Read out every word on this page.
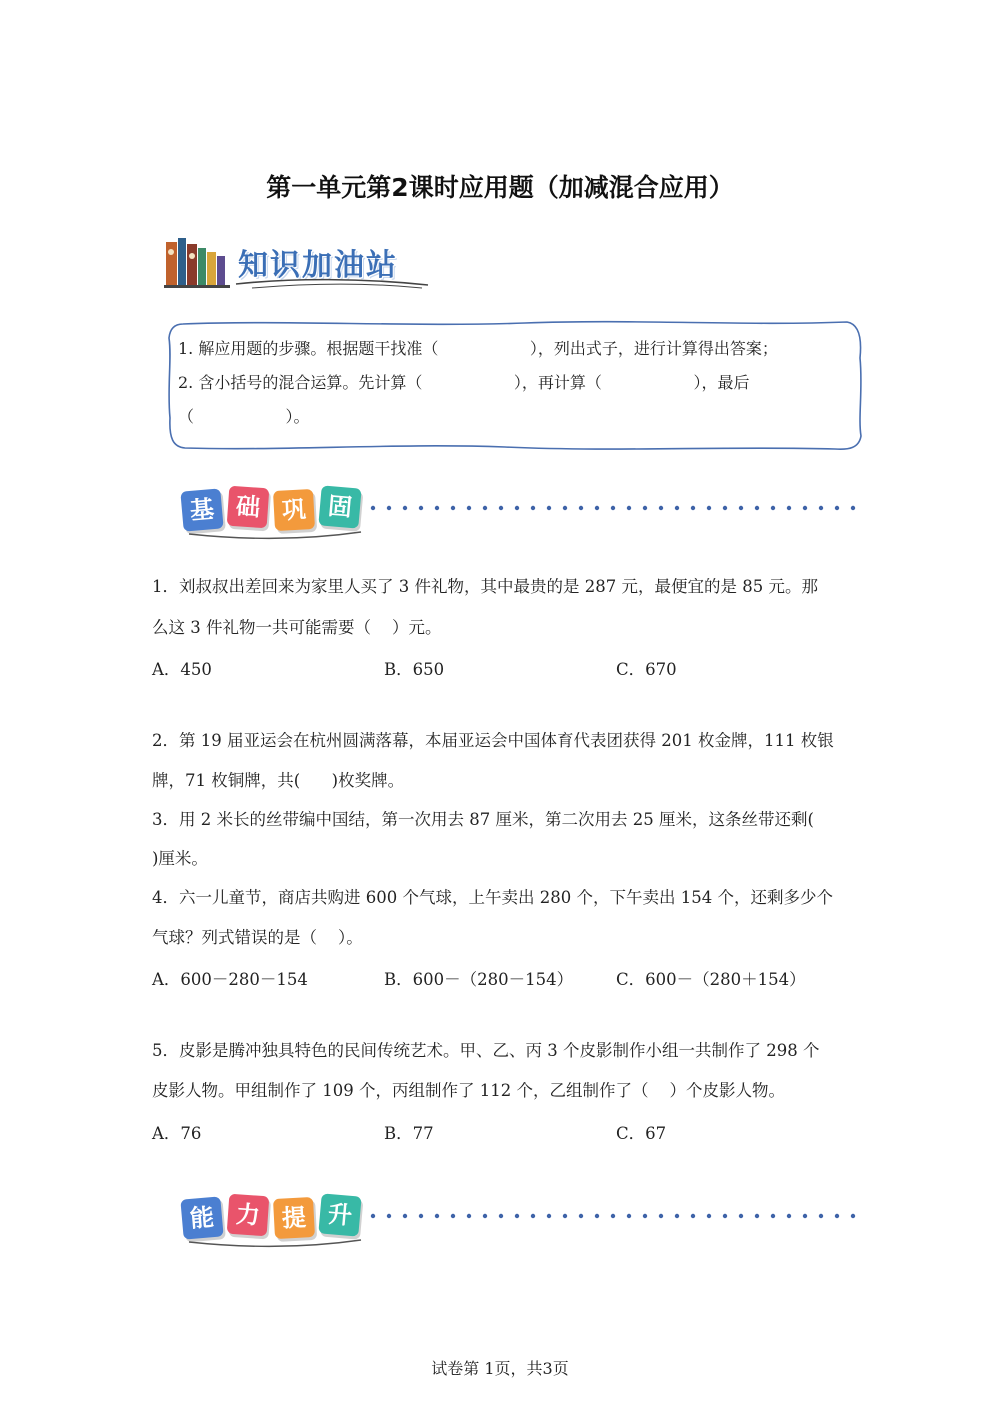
第一单元第2课时应用题（加减混合应用）
知识加油站
1. 解应用题的步骤。根据题干找准（                  ），列出式子，进行计算得出答案；
2. 含小括号的混合运算。先计算（                  ），再计算（                  ），最后
（                  ）。
基 础 巩 固
1．刘叔叔出差回来为家里人买了 3 件礼物，其中最贵的是 287 元，最便宜的是 85 元。那
么这 3 件礼物一共可能需要（    ）元。
A．450	B．650	C．670
2．第 19 届亚运会在杭州圆满落幕，本届亚运会中国体育代表团获得 201 枚金牌，111 枚银
牌，71 枚铜牌，共(      )枚奖牌。
3．用 2 米长的丝带编中国结，第一次用去 87 厘米，第二次用去 25 厘米，这条丝带还剩(
)厘米。
4．六一儿童节，商店共购进 600 个气球，上午卖出 280 个，下午卖出 154 个，还剩多少个
气球？列式错误的是（    ）。
A．600－280－154	B．600－（280－154）	C．600－（280＋154）
5．皮影是腾冲独具特色的民间传统艺术。甲、乙、丙 3 个皮影制作小组一共制作了 298 个
皮影人物。甲组制作了 109 个，丙组制作了 112 个，乙组制作了（    ）个皮影人物。
A．76	B．77	C．67
能 力 提 升
试卷第 1页，共3页
